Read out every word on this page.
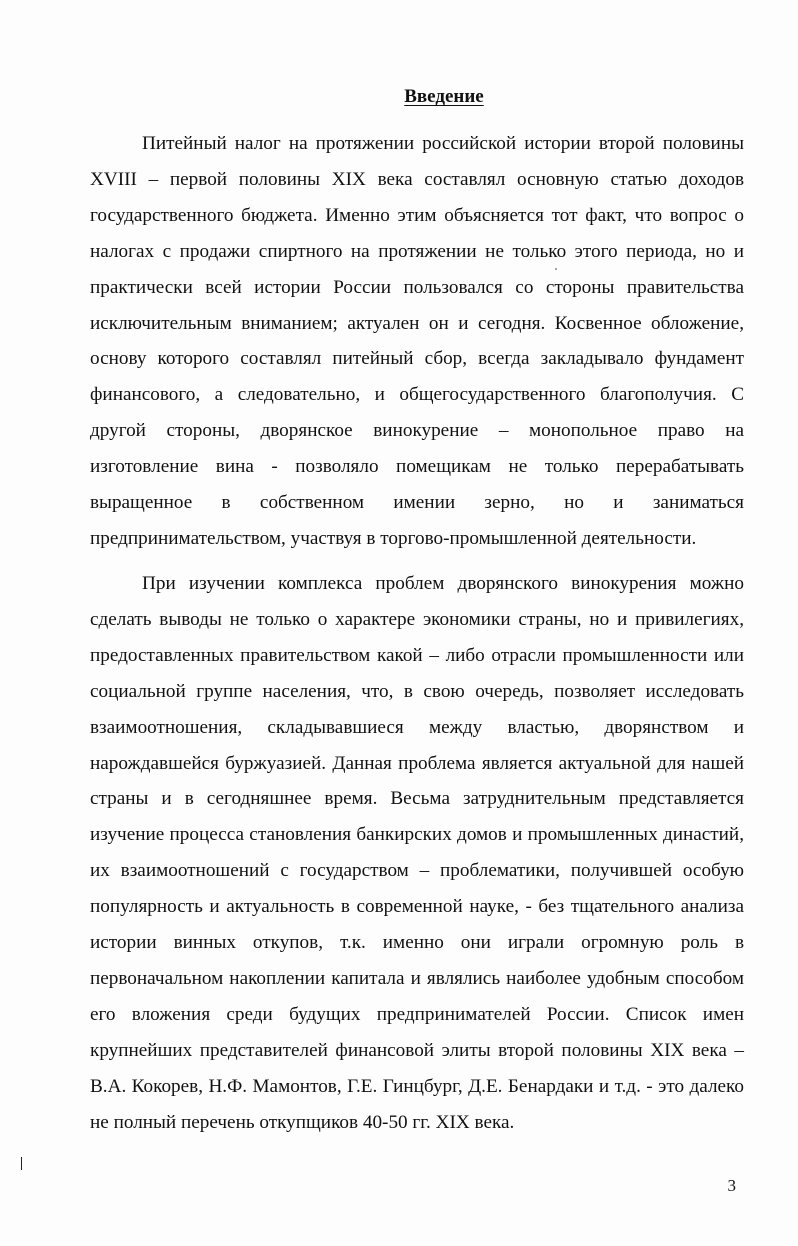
Введение

Питейный налог на протяжении российской истории второй половины XVIII – первой половины XIX века составлял основную статью доходов государственного бюджета. Именно этим объясняется тот факт, что вопрос о налогах с продажи спиртного на протяжении не только этого периода, но и практически всей истории России пользовался со стороны правительства исключительным вниманием; актуален он и сегодня. Косвенное обложение, основу которого составлял питейный сбор, всегда закладывало фундамент финансового, а следовательно, и общегосударственного благополучия. С другой стороны, дворянское винокурение – монопольное право на изготовление вина - позволяло помещикам не только перерабатывать выращенное в собственном имении зерно, но и заниматься предпринимательством, участвуя в торгово-промышленной деятельности.

При изучении комплекса проблем дворянского винокурения можно сделать выводы не только о характере экономики страны, но и привилегиях, предоставленных правительством какой – либо отрасли промышленности или социальной группе населения, что, в свою очередь, позволяет исследовать взаимоотношения, складывавшиеся между властью, дворянством и нарождавшейся буржуазией. Данная проблема является актуальной для нашей страны и в сегодняшнее время. Весьма затруднительным представляется изучение процесса становления банкирских домов и промышленных династий, их взаимоотношений с государством – проблематики, получившей особую популярность и актуальность в современной науке, - без тщательного анализа истории винных откупов, т.к. именно они играли огромную роль в первоначальном накоплении капитала и являлись наиболее удобным способом его вложения среди будущих предпринимателей России. Список имен крупнейших представителей финансовой элиты второй половины XIX века – В.А. Кокорев, Н.Ф. Мамонтов, Г.Е. Гинцбург, Д.Е. Бенардаки и т.д. - это далеко не полный перечень откупщиков 40-50 гг. XIX века.

3
